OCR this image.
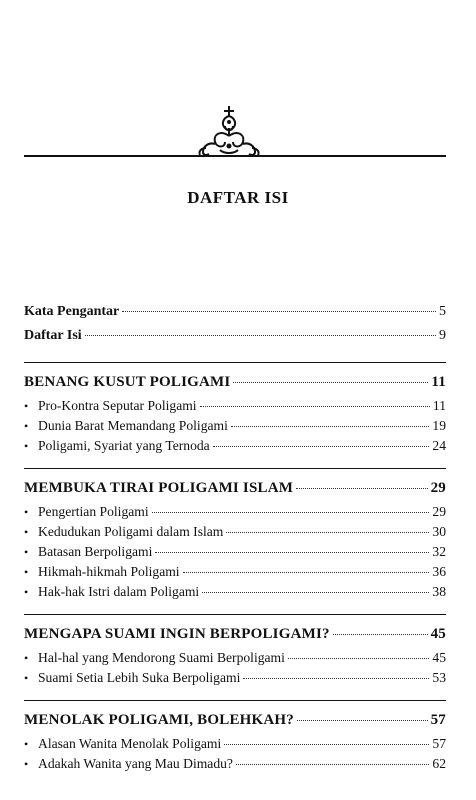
DAFTAR ISI
Kata Pengantar	5
Daftar Isi	9
BENANG KUSUT POLIGAMI	11
• Pro-Kontra Seputar Poligami	11
• Dunia Barat Memandang Poligami	19
• Poligami, Syariat yang Ternoda	24
MEMBUKA TIRAI POLIGAMI ISLAM	29
• Pengertian Poligami	29
• Kedudukan Poligami dalam Islam	30
• Batasan Berpoligami	32
• Hikmah-hikmah Poligami	36
• Hak-hak Istri dalam Poligami	38
MENGAPA SUAMI INGIN BERPOLIGAMI?	45
• Hal-hal yang Mendorong Suami Berpoligami	45
• Suami Setia Lebih Suka Berpoligami	53
MENOLAK POLIGAMI, BOLEHKAH?	57
• Alasan Wanita Menolak Poligami	57
• Adakah Wanita yang Mau Dimadu?	62
